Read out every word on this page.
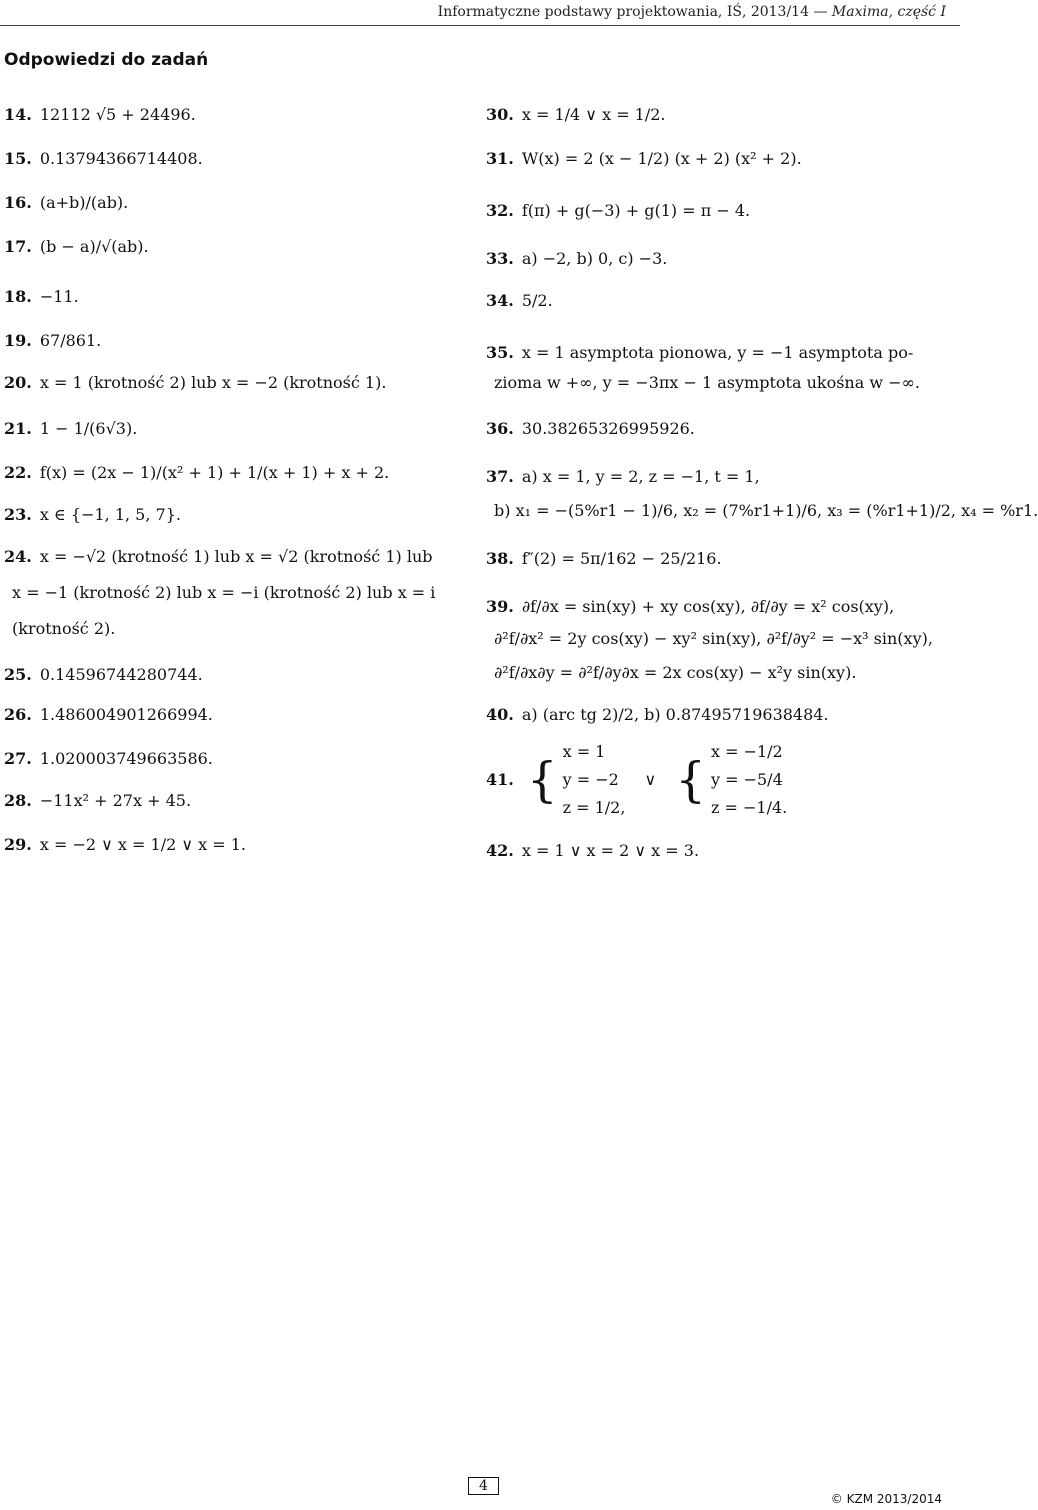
Informatyczne podstawy projektowania, IŚ, 2013/14 — Maxima, część I
Odpowiedzi do zadań
14. 12112 √5 + 24496.
15. 0.13794366714408.
16. (a+b)/(ab).
17. (b − a)/√(ab).
18. −11.
19. 67/861.
20. x = 1 (krotność 2) lub x = −2 (krotność 1).
21. 1 − 1/(6√3).
22. f(x) = (2x − 1)/(x² + 1) + 1/(x + 1) + x + 2.
23. x ∈ {−1, 1, 5, 7}.
24. x = −√2 (krotność 1) lub x = √2 (krotność 1) lub
x = −1 (krotność 2) lub x = −i (krotność 2) lub x = i
(krotność 2).
25. 0.14596744280744.
26. 1.486004901266994.
27. 1.020003749663586.
28. −11x² + 27x + 45.
29. x = −2 ∨ x = 1/2 ∨ x = 1.
30. x = 1/4 ∨ x = 1/2.
31. W(x) = 2 (x − 1/2) (x + 2) (x² + 2).
32. f(π) + g(−3) + g(1) = π − 4.
33. a) −2, b) 0, c) −3.
34. 5/2.
35. x = 1 asymptota pionowa, y = −1 asymptota po-
zioma w +∞, y = −3πx − 1 asymptota ukośna w −∞.
36. 30.38265326995926.
37. a) x = 1, y = 2, z = −1, t = 1,
b) x₁ = −(5%r1 − 1)/6, x₂ = (7%r1+1)/6, x₃ = (%r1+1)/2, x₄ = %r1.
38. f″(2) = 5π/162 − 25/216.
39. ∂f/∂x = sin(xy) + xy cos(xy), ∂f/∂y = x² cos(xy),
∂²f/∂x² = 2y cos(xy) − xy² sin(xy), ∂²f/∂y² = −x³ sin(xy),
∂²f/∂x∂y = ∂²f/∂y∂x = 2x cos(xy) − x²y sin(xy).
40. a) (arc tg 2)/2, b) 0.87495719638484.
41. {
x = 1
y = −2
z = 1/2,
∨ {
x = −1/2
y = −5/4
z = −1/4.
42. x = 1 ∨ x = 2 ∨ x = 3.
4
© KZM 2013/2014
